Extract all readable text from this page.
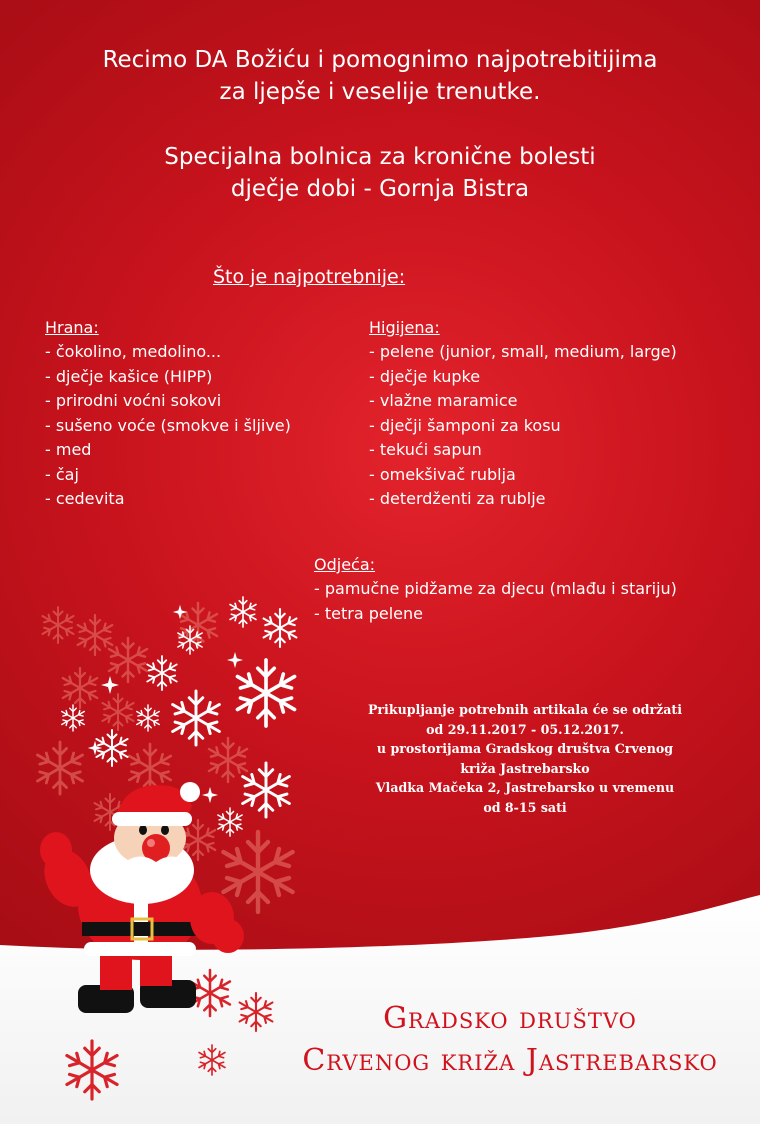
Recimo DA Božiću i pomognimo najpotrebitijima
za ljepše i veselije trenutke.
Specijalna bolnica za kronične bolesti
dječje dobi - Gornja Bistra
Što je najpotrebnije:
Hrana:
- čokolino, medolino...
- dječje kašice (HIPP)
- prirodni voćni sokovi
- sušeno voće (smokve i šljive)
- med
- čaj
- cedevita
Higijena:
- pelene (junior, small, medium, large)
- dječje kupke
- vlažne maramice
- dječji šamponi za kosu
- tekući sapun
- omekšivač rublja
- deterdženti za rublje
Odjeća:
- pamučne pidžame za djecu (mlađu i stariju)
- tetra pelene
Prikupljanje potrebnih artikala će se održati
od 29.11.2017 - 05.12.2017.
u prostorijama Gradskog društva Crvenog
križa Jastrebarsko
Vladka Mačeka 2, Jastrebarsko u vremenu
od 8-15 sati
Gradsko društvo
Crvenog križa Jastrebarsko
